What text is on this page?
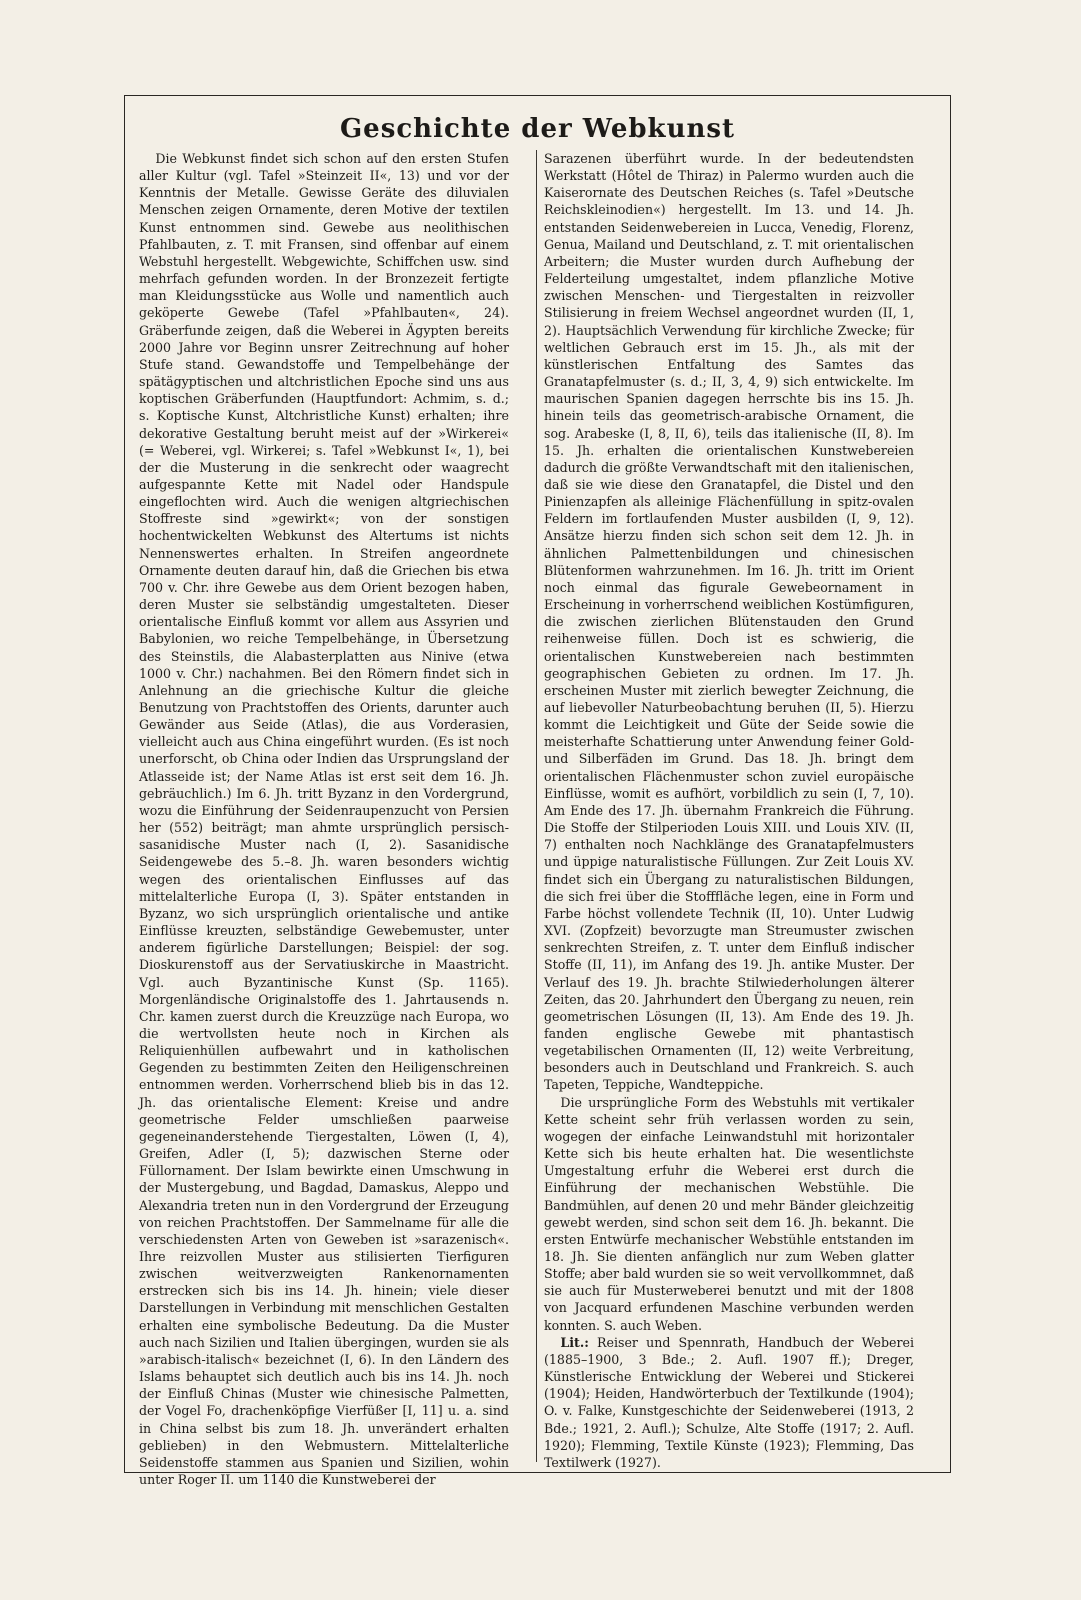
Geschichte der Webkunst

Die Webkunst findet sich schon auf den ersten Stufen aller Kultur (vgl. Tafel »Steinzeit II«, 13) und vor der Kenntnis der Metalle. Gewisse Geräte des diluvialen Menschen zeigen Ornamente, deren Motive der textilen Kunst entnommen sind. Gewebe aus neolithischen Pfahlbauten, z. T. mit Fransen, sind offenbar auf einem Webstuhl hergestellt. Webgewichte, Schiffchen usw. sind mehrfach gefunden worden. In der Bronzezeit fertigte man Kleidungsstücke aus Wolle und namentlich auch geköperte Gewebe (Tafel »Pfahlbauten«, 24). Gräberfunde zeigen, daß die Weberei in Ägypten bereits 2000 Jahre vor Beginn unsrer Zeitrechnung auf hoher Stufe stand. Gewandstoffe und Tempelbehänge der spätägyptischen und altchristlichen Epoche sind uns aus koptischen Gräberfunden (Hauptfundort: Achmim, s. d.; s. Koptische Kunst, Altchristliche Kunst) erhalten; ihre dekorative Gestaltung beruht meist auf der »Wirkerei« (= Weberei, vgl. Wirkerei; s. Tafel »Webkunst I«, 1), bei der die Musterung in die senkrecht oder waagrecht aufgespannte Kette mit Nadel oder Handspule eingeflochten wird. Auch die wenigen altgriechischen Stoffreste sind »gewirkt«; von der sonstigen hochentwickelten Webkunst des Altertums ist nichts Nennenswertes erhalten. In Streifen angeordnete Ornamente deuten darauf hin, daß die Griechen bis etwa 700 v. Chr. ihre Gewebe aus dem Orient bezogen haben, deren Muster sie selbständig umgestalteten. Dieser orientalische Einfluß kommt vor allem aus Assyrien und Babylonien, wo reiche Tempelbehänge, in Übersetzung des Steinstils, die Alabasterplatten aus Ninive (etwa 1000 v. Chr.) nachahmen. Bei den Römern findet sich in Anlehnung an die griechische Kultur die gleiche Benutzung von Prachtstoffen des Orients, darunter auch Gewänder aus Seide (Atlas), die aus Vorderasien, vielleicht auch aus China eingeführt wurden. (Es ist noch unerforscht, ob China oder Indien das Ursprungsland der Atlasseide ist; der Name Atlas ist erst seit dem 16. Jh. gebräuchlich.) Im 6. Jh. tritt Byzanz in den Vordergrund, wozu die Einführung der Seidenraupenzucht von Persien her (552) beiträgt; man ahmte ursprünglich persisch-sasanidische Muster nach (I, 2). Sasanidische Seidengewebe des 5.–8. Jh. waren besonders wichtig wegen des orientalischen Einflusses auf das mittelalterliche Europa (I, 3). Später entstanden in Byzanz, wo sich ursprünglich orientalische und antike Einflüsse kreuzten, selbständige Gewebemuster, unter anderem figürliche Darstellungen; Beispiel: der sog. Dioskurenstoff aus der Servatiuskirche in Maastricht. Vgl. auch Byzantinische Kunst (Sp. 1165). Morgenländische Originalstoffe des 1. Jahrtausends n. Chr. kamen zuerst durch die Kreuzzüge nach Europa, wo die wertvollsten heute noch in Kirchen als Reliquienhüllen aufbewahrt und in katholischen Gegenden zu bestimmten Zeiten den Heiligenschreinen entnommen werden. Vorherrschend blieb bis in das 12. Jh. das orientalische Element: Kreise und andre geometrische Felder umschließen paarweise gegeneinanderstehende Tiergestalten, Löwen (I, 4), Greifen, Adler (I, 5); dazwischen Sterne oder Füllornament. Der Islam bewirkte einen Umschwung in der Mustergebung, und Bagdad, Damaskus, Aleppo und Alexandria treten nun in den Vordergrund der Erzeugung von reichen Prachtstoffen. Der Sammelname für alle die verschiedensten Arten von Geweben ist »sarazenisch«. Ihre reizvollen Muster aus stilisierten Tierfiguren zwischen weitverzweigten Rankenornamenten erstrecken sich bis ins 14. Jh. hinein; viele dieser Darstellungen in Verbindung mit menschlichen Gestalten erhalten eine symbolische Bedeutung. Da die Muster auch nach Sizilien und Italien übergingen, wurden sie als »arabisch-italisch« bezeichnet (I, 6). In den Ländern des Islams behauptet sich deutlich auch bis ins 14. Jh. noch der Einfluß Chinas (Muster wie chinesische Palmetten, der Vogel Fo, drachenköpfige Vierfüßer [I, 11] u. a. sind in China selbst bis zum 18. Jh. unverändert erhalten geblieben) in den Webmustern. Mittelalterliche Seidenstoffe stammen aus Spanien und Sizilien, wohin unter Roger II. um 1140 die Kunstweberei der

Sarazenen überführt wurde. In der bedeutendsten Werkstatt (Hôtel de Thiraz) in Palermo wurden auch die Kaiserornate des Deutschen Reiches (s. Tafel »Deutsche Reichskleinodien«) hergestellt. Im 13. und 14. Jh. entstanden Seidenwebereien in Lucca, Venedig, Florenz, Genua, Mailand und Deutschland, z. T. mit orientalischen Arbeitern; die Muster wurden durch Aufhebung der Felderteilung umgestaltet, indem pflanzliche Motive zwischen Menschen- und Tiergestalten in reizvoller Stilisierung in freiem Wechsel angeordnet wurden (II, 1, 2). Hauptsächlich Verwendung für kirchliche Zwecke; für weltlichen Gebrauch erst im 15. Jh., als mit der künstlerischen Entfaltung des Samtes das Granatapfelmuster (s. d.; II, 3, 4, 9) sich entwickelte. Im maurischen Spanien dagegen herrschte bis ins 15. Jh. hinein teils das geometrisch-arabische Ornament, die sog. Arabeske (I, 8, II, 6), teils das italienische (II, 8). Im 15. Jh. erhalten die orientalischen Kunstwebereien dadurch die größte Verwandtschaft mit den italienischen, daß sie wie diese den Granatapfel, die Distel und den Pinienzapfen als alleinige Flächenfüllung in spitz-ovalen Feldern im fortlaufenden Muster ausbilden (I, 9, 12). Ansätze hierzu finden sich schon seit dem 12. Jh. in ähnlichen Palmettenbildungen und chinesischen Blütenformen wahrzunehmen. Im 16. Jh. tritt im Orient noch einmal das figurale Gewebeornament in Erscheinung in vorherrschend weiblichen Kostümfiguren, die zwischen zierlichen Blütenstauden den Grund reihenweise füllen. Doch ist es schwierig, die orientalischen Kunstwebereien nach bestimmten geographischen Gebieten zu ordnen. Im 17. Jh. erscheinen Muster mit zierlich bewegter Zeichnung, die auf liebevoller Naturbeobachtung beruhen (II, 5). Hierzu kommt die Leichtigkeit und Güte der Seide sowie die meisterhafte Schattierung unter Anwendung feiner Gold- und Silberfäden im Grund. Das 18. Jh. bringt dem orientalischen Flächenmuster schon zuviel europäische Einflüsse, womit es aufhört, vorbildlich zu sein (I, 7, 10). Am Ende des 17. Jh. übernahm Frankreich die Führung. Die Stoffe der Stilperioden Louis XIII. und Louis XIV. (II, 7) enthalten noch Nachklänge des Granatapfelmusters und üppige naturalistische Füllungen. Zur Zeit Louis XV. findet sich ein Übergang zu naturalistischen Bildungen, die sich frei über die Stofffläche legen, eine in Form und Farbe höchst vollendete Technik (II, 10). Unter Ludwig XVI. (Zopfzeit) bevorzugte man Streumuster zwischen senkrechten Streifen, z. T. unter dem Einfluß indischer Stoffe (II, 11), im Anfang des 19. Jh. antike Muster. Der Verlauf des 19. Jh. brachte Stilwiederholungen älterer Zeiten, das 20. Jahrhundert den Übergang zu neuen, rein geometrischen Lösungen (II, 13). Am Ende des 19. Jh. fanden englische Gewebe mit phantastisch vegetabilischen Ornamenten (II, 12) weite Verbreitung, besonders auch in Deutschland und Frankreich. S. auch Tapeten, Teppiche, Wandteppiche.

Die ursprüngliche Form des Webstuhls mit vertikaler Kette scheint sehr früh verlassen worden zu sein, wogegen der einfache Leinwandstuhl mit horizontaler Kette sich bis heute erhalten hat. Die wesentlichste Umgestaltung erfuhr die Weberei erst durch die Einführung der mechanischen Webstühle. Die Bandmühlen, auf denen 20 und mehr Bänder gleichzeitig gewebt werden, sind schon seit dem 16. Jh. bekannt. Die ersten Entwürfe mechanischer Webstühle entstanden im 18. Jh. Sie dienten anfänglich nur zum Weben glatter Stoffe; aber bald wurden sie so weit vervollkommnet, daß sie auch für Musterweberei benutzt und mit der 1808 von Jacquard erfundenen Maschine verbunden werden konnten. S. auch Weben.

Lit.: Reiser und Spennrath, Handbuch der Weberei (1885–1900, 3 Bde.; 2. Aufl. 1907 ff.); Dreger, Künstlerische Entwicklung der Weberei und Stickerei (1904); Heiden, Handwörterbuch der Textilkunde (1904); O. v. Falke, Kunstgeschichte der Seidenweberei (1913, 2 Bde.; 1921, 2. Aufl.); Schulze, Alte Stoffe (1917; 2. Aufl. 1920); Flemming, Textile Künste (1923); Flemming, Das Textilwerk (1927).
